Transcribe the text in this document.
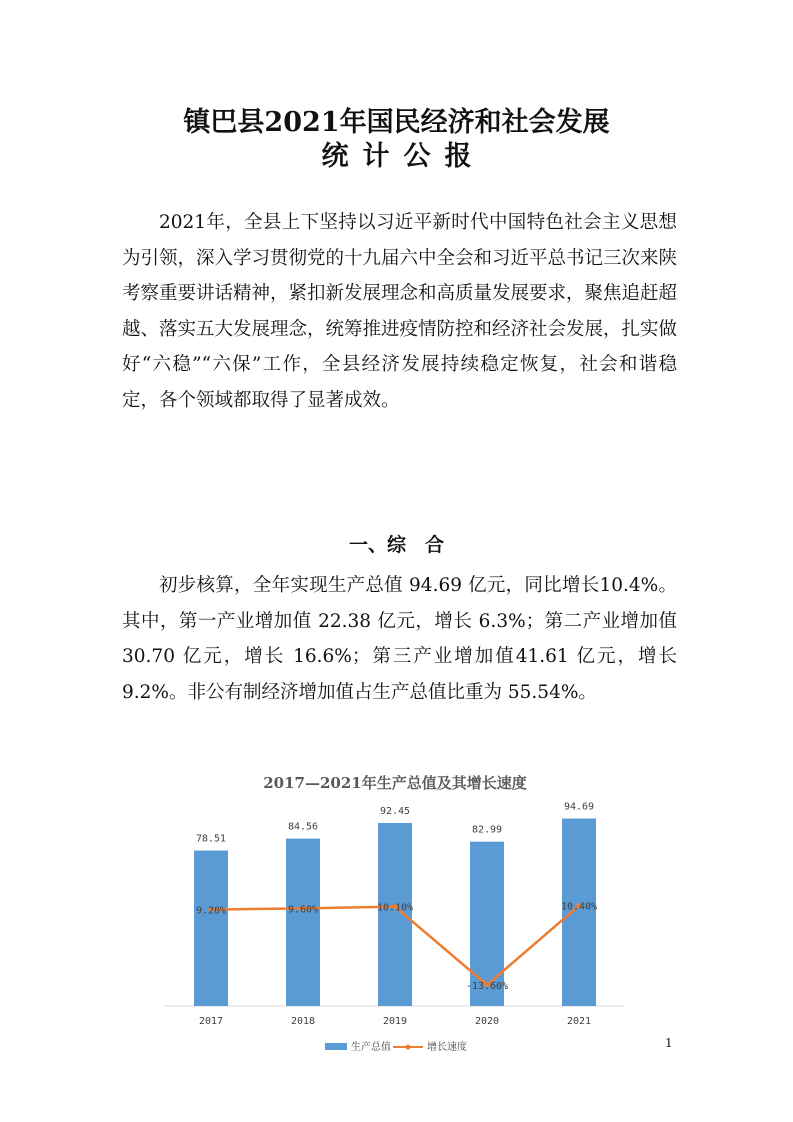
镇巴县2021年国民经济和社会发展
统计公报

2021年，全县上下坚持以习近平新时代中国特色社会主义思想为引领，深入学习贯彻党的十九届六中全会和习近平总书记三次来陕考察重要讲话精神，紧扣新发展理念和高质量发展要求，聚焦追赶超越、落实五大发展理念，统筹推进疫情防控和经济社会发展，扎实做好“六稳”“六保”工作，全县经济发展持续稳定恢复，社会和谐稳定，各个领域都取得了显著成效。

一、综　合

初步核算，全年实现生产总值 94.69 亿元，同比增长10.4%。其中，第一产业增加值 22.38 亿元，增长 6.3%；第二产业增加值 30.70 亿元，增长 16.6%；第三产业增加值41.61 亿元，增长 9.2%。非公有制经济增加值占生产总值比重为 55.54%。

2017—2021年生产总值及其增长速度
78.51
2017
84.56
2018
92.45
2019
82.99
2020
94.69
2021
9.20%	9.60%	10.10%
-13.60%
10.40%
生产总值	增长速度	1
